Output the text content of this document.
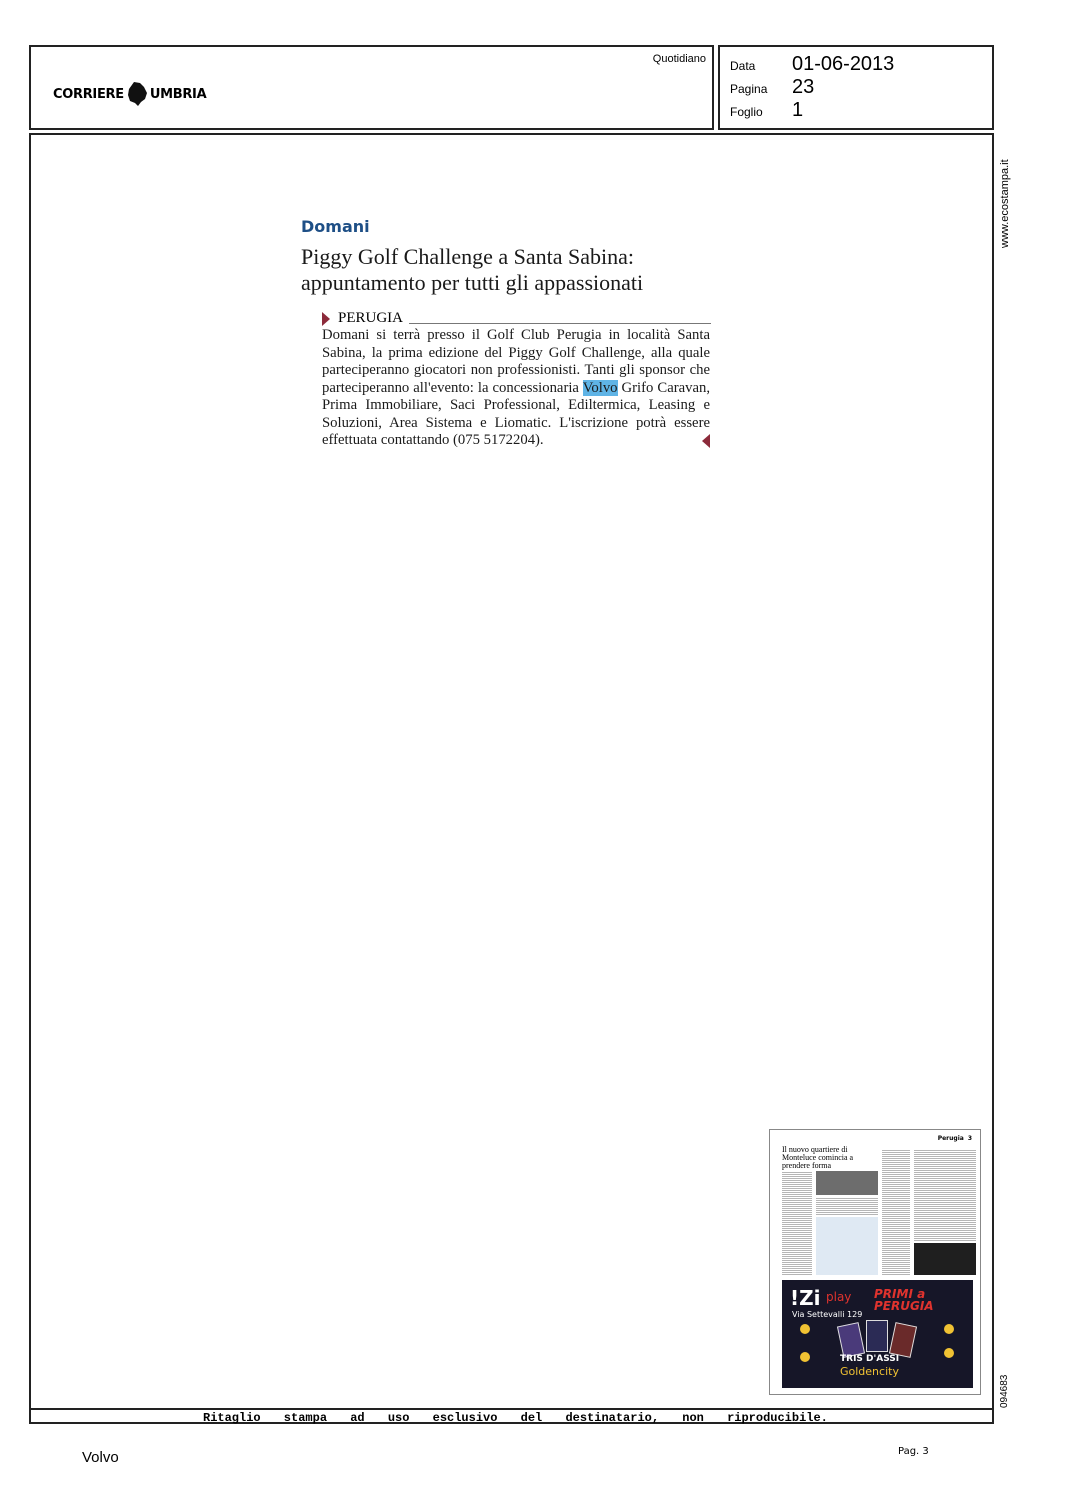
CORRIERE UMBRIA
Quotidiano Data	01-06-2013
Pagina	23
Foglio	1
www.ecostampa.it
094683
Domani
Piggy Golf Challenge a Santa Sabina:
appuntamento per tutti gli appassionati
PERUGIA
Domani si terrà presso il Golf Club Perugia in località Santa Sabina, la prima edizione del Piggy Golf Challenge, alla quale parteciperanno giocatori non professionisti. Tanti gli sponsor che parteciperanno all'evento: la concessionaria Volvo Grifo Caravan, Prima Immobiliare, Saci Professional, Ediltermica, Leasing e Soluzioni, Area Sistema e Liomatic. L'iscrizione potrà essere effettuata contattando (075 5172204).
Perugia 3
Il nuovo quartiere di Monteluce comincia a prendere forma
!Zi play
Via Settevalli 129
PRIMI a
PERUGIA
TRIS D'ASSI
Goldencity
Ritaglio stampa ad uso esclusivo del destinatario, non riproducibile.
Volvo	Pag. 3
